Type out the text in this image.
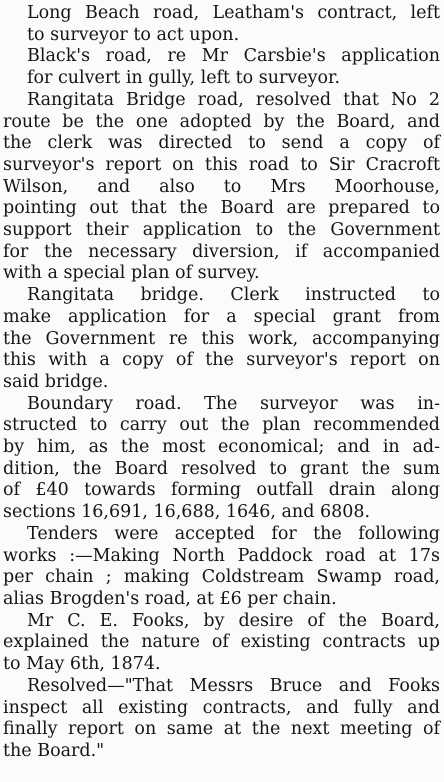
Long Beach road, Leatham's contract, left
to surveyor to act upon.

Black's road, re Mr Carsbie's application
for culvert in gully, left to surveyor.

Rangitata Bridge road, resolved that No 2
route be the one adopted by the Board, and
the clerk was directed to send a copy of
surveyor's report on this road to Sir Cracroft
Wilson, and also to Mrs Moorhouse,
pointing out that the Board are prepared to
support their application to the Government
for the necessary diversion, if accompanied
with a special plan of survey.

Rangitata bridge. Clerk instructed to
make application for a special grant from
the Government re this work, accompanying
this with a copy of the surveyor's report on
said bridge.

Boundary road. The surveyor was in-
structed to carry out the plan recommended
by him, as the most economical; and in ad-
dition, the Board resolved to grant the sum
of £40 towards forming outfall drain along
sections 16,691, 16,688, 1646, and 6808.

Tenders were accepted for the following
works :—Making North Paddock road at 17s
per chain ; making Coldstream Swamp road,
alias Brogden's road, at £6 per chain.

Mr C. E. Fooks, by desire of the Board,
explained the nature of existing contracts up
to May 6th, 1874.

Resolved—"That Messrs Bruce and Fooks
inspect all existing contracts, and fully and
finally report on same at the next meeting of
the Board."
